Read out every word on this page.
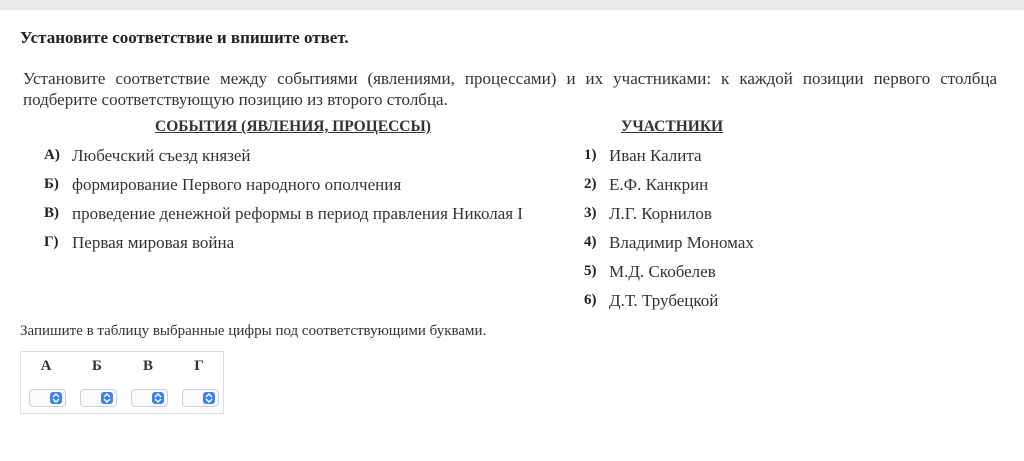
Установите соответствие и впишите ответ.
Установите соответствие между событиями (явлениями, процессами) и их участниками: к каждой позиции первого столбца подберите соответствующую позицию из второго столбца.
СОБЫТИЯ (ЯВЛЕНИЯ, ПРОЦЕССЫ)	УЧАСТНИКИ
А) Любечский съезд князей
Б) формирование Первого народного ополчения
В) проведение денежной реформы в период правления Николая I
Г) Первая мировая война
1) Иван Калита
2) Е.Ф. Канкрин
3) Л.Г. Корнилов
4) Владимир Мономах
5) М.Д. Скобелев
6) Д.Т. Трубецкой
Запишите в таблицу выбранные цифры под соответствующими буквами.
А	Б	В	Г
